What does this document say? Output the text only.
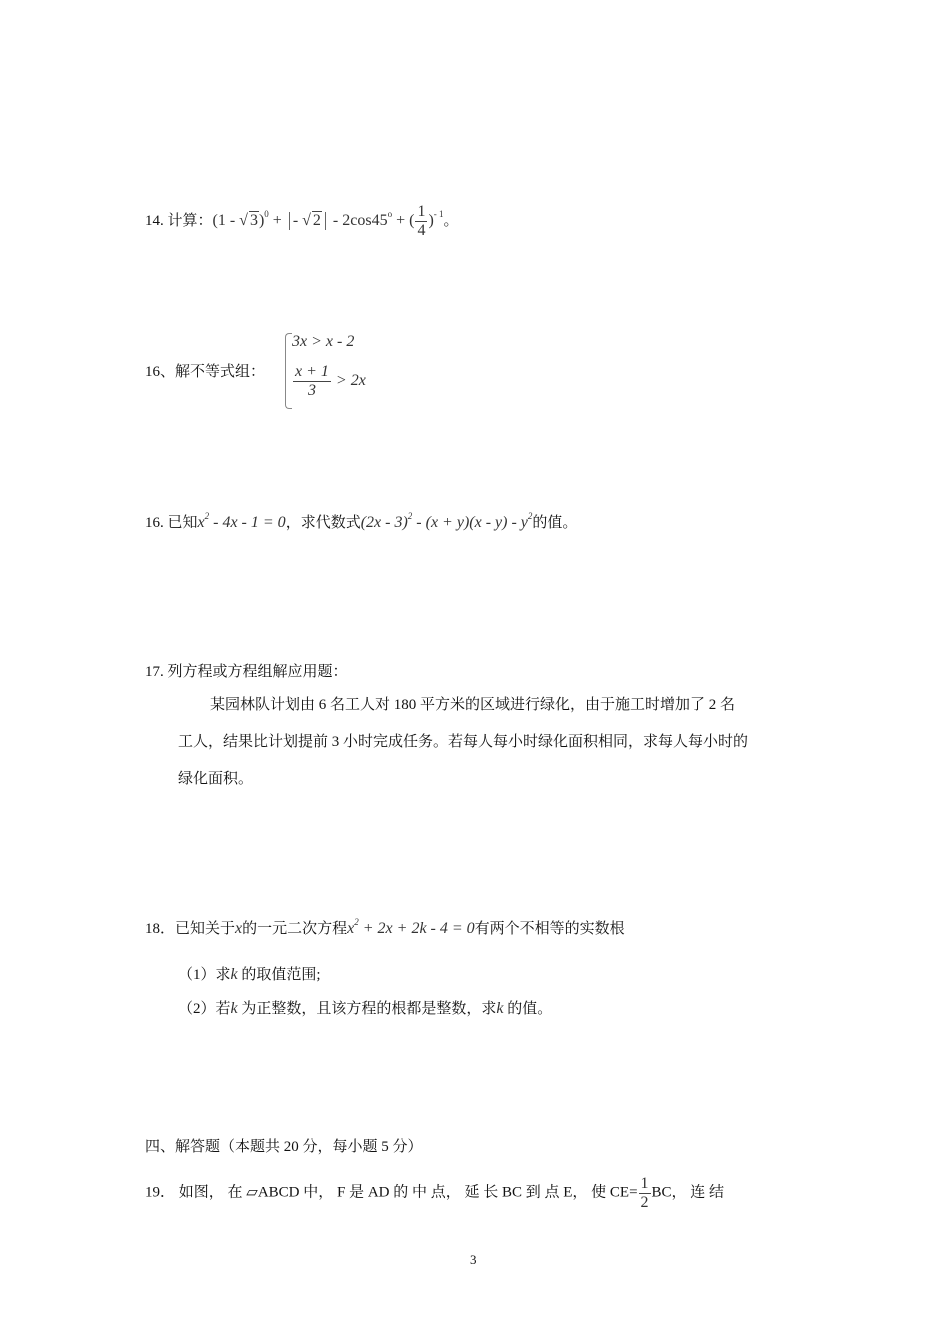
14. 计算：(1 - √ 3)$^0$ + - √ $2 - 2\cos 45^o$ + ( $\frac{1}{4} )^{- 1}$。
16、解不等式组：
3x > x - 2
$\frac{x + 1}{3} > 2x$
16. 已知$x^2 - 4x - 1 = 0$，求代数式$(2x - 3)^2 - (x + y)(x - y) - y^2$的值。
17. 列方程或方程组解应用题：
某园林队计划由 6 名工人对 180 平方米的区域进行绿化，由于施工时增加了 2 名
工人，结果比计划提前 3 小时完成任务。若每人每小时绿化面积相同，求每人每小时的
绿化面积。
18．已知关于x的一元二次方程$x^2 + 2x + 2k - 4 = 0$有两个不相等的实数根
（1）求k 的取值范围;
（2）若k 为正整数，且该方程的根都是整数，求k 的值。
四、解答题（本题共 20 分，每小题 5 分）
19． 如图， 在 ▱ABCD 中， F 是 AD 的 中 点， 延 长 BC 到 点 E， 使 $CE= \frac{1}{2}$ BC， 连 结
3
